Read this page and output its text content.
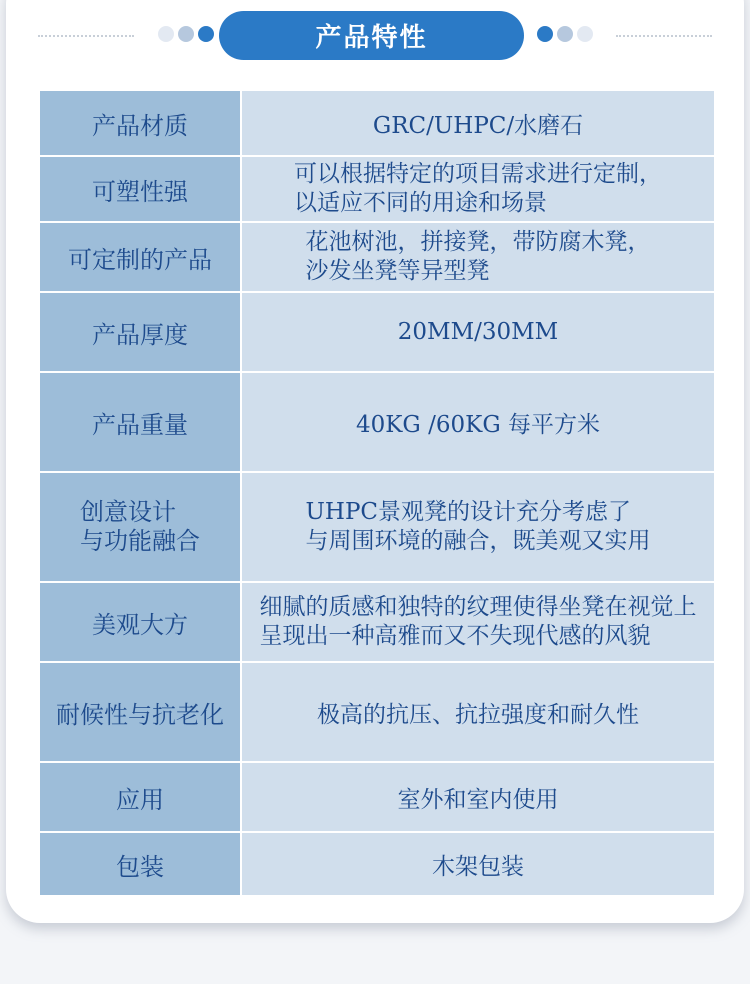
产品特性
产品材质	GRC/UHPC/水磨石
可塑性强	可以根据特定的项目需求进行定制，
以适应不同的用途和场景

可定制的产品	花池树池，拼接凳，带防腐木凳，
沙发坐凳等异型凳

产品厚度	20MM/30MM
产品重量	40KG /60KG 每平方米

创意设计
与功能融合	UHPC景观凳的设计充分考虑了
与周围环境的融合，既美观又实用

美观大方	细腻的质感和独特的纹理使得坐凳在视觉上
呈现出一种高雅而又不失现代感的风貌

耐候性与抗老化	极高的抗压、抗拉强度和耐久性
应用	室外和室内使用
包装	木架包装
